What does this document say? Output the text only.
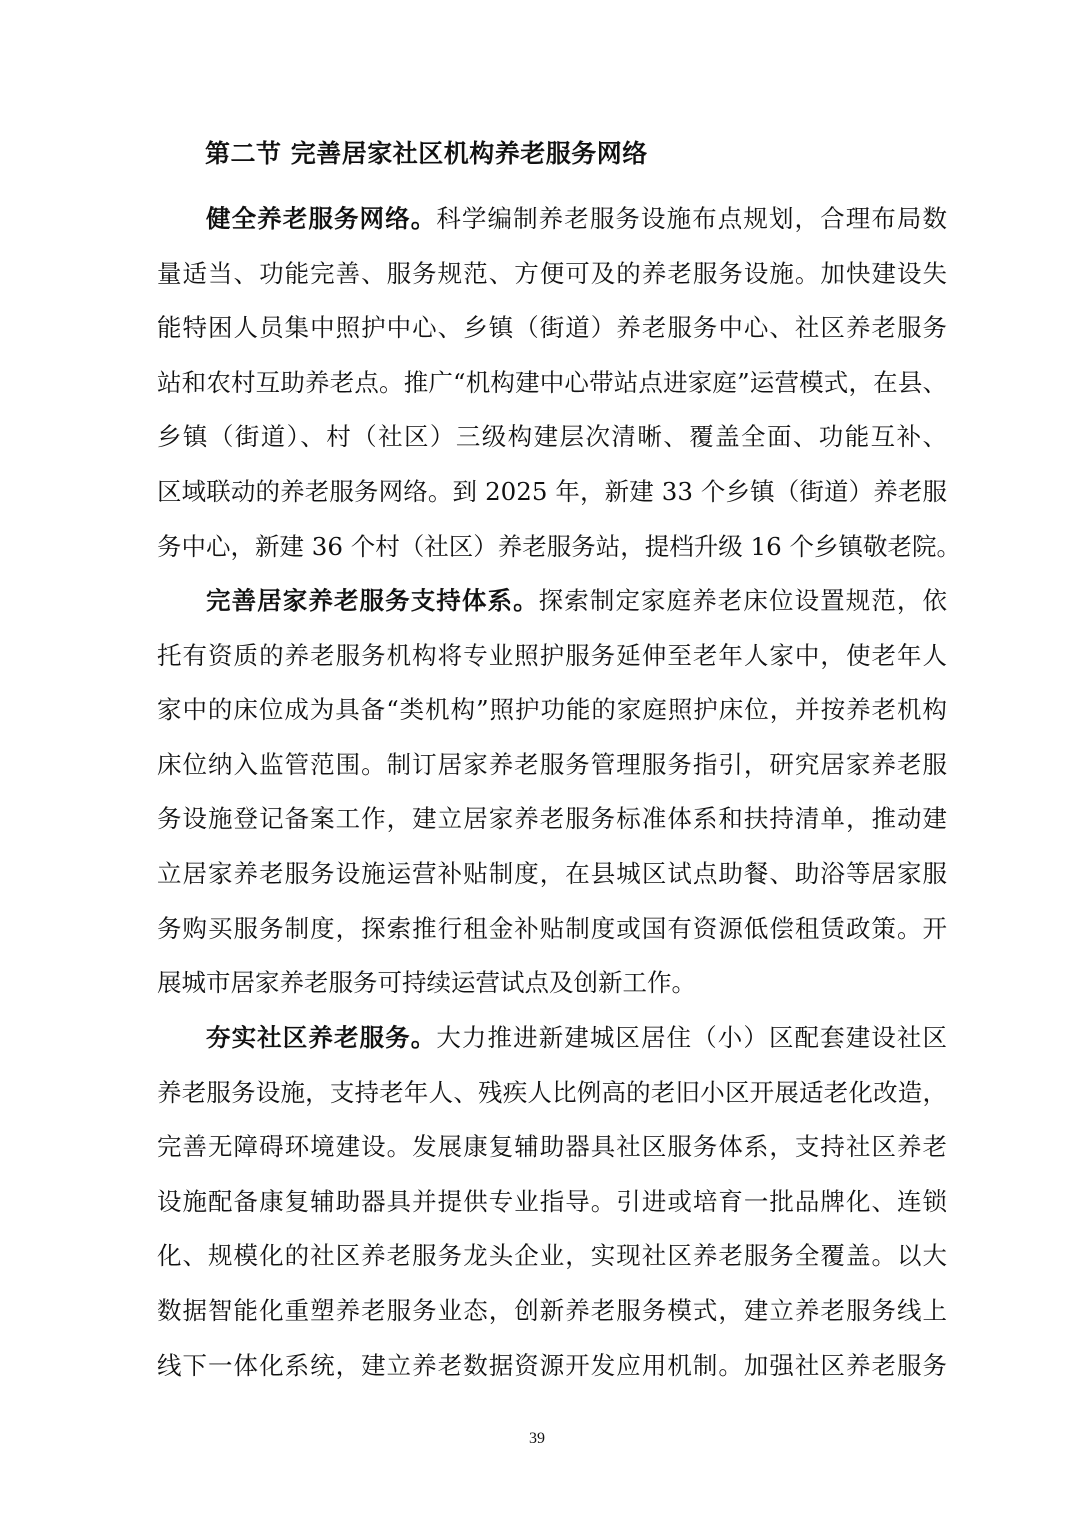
第二节 完善居家社区机构养老服务网络
健全养老服务网络。科学编制养老服务设施布点规划，合理布局数
量适当、功能完善、服务规范、方便可及的养老服务设施。加快建设失
能特困人员集中照护中心、乡镇（街道）养老服务中心、社区养老服务
站和农村互助养老点。推广“机构建中心带站点进家庭”运营模式，在县、
乡镇（街道）、村（社区）三级构建层次清晰、覆盖全面、功能互补、
区域联动的养老服务网络。到 2025 年，新建 33 个乡镇（街道）养老服
务中心，新建 36 个村（社区）养老服务站，提档升级 16 个乡镇敬老院。
完善居家养老服务支持体系。探索制定家庭养老床位设置规范，依
托有资质的养老服务机构将专业照护服务延伸至老年人家中，使老年人
家中的床位成为具备“类机构”照护功能的家庭照护床位，并按养老机构
床位纳入监管范围。制订居家养老服务管理服务指引，研究居家养老服
务设施登记备案工作，建立居家养老服务标准体系和扶持清单，推动建
立居家养老服务设施运营补贴制度，在县城区试点助餐、助浴等居家服
务购买服务制度，探索推行租金补贴制度或国有资源低偿租赁政策。开
展城市居家养老服务可持续运营试点及创新工作。
夯实社区养老服务。大力推进新建城区居住（小）区配套建设社区
养老服务设施，支持老年人、残疾人比例高的老旧小区开展适老化改造，
完善无障碍环境建设。发展康复辅助器具社区服务体系，支持社区养老
设施配备康复辅助器具并提供专业指导。引进或培育一批品牌化、连锁
化、规模化的社区养老服务龙头企业，实现社区养老服务全覆盖。以大
数据智能化重塑养老服务业态，创新养老服务模式，建立养老服务线上
线下一体化系统，建立养老数据资源开发应用机制。加强社区养老服务
39
